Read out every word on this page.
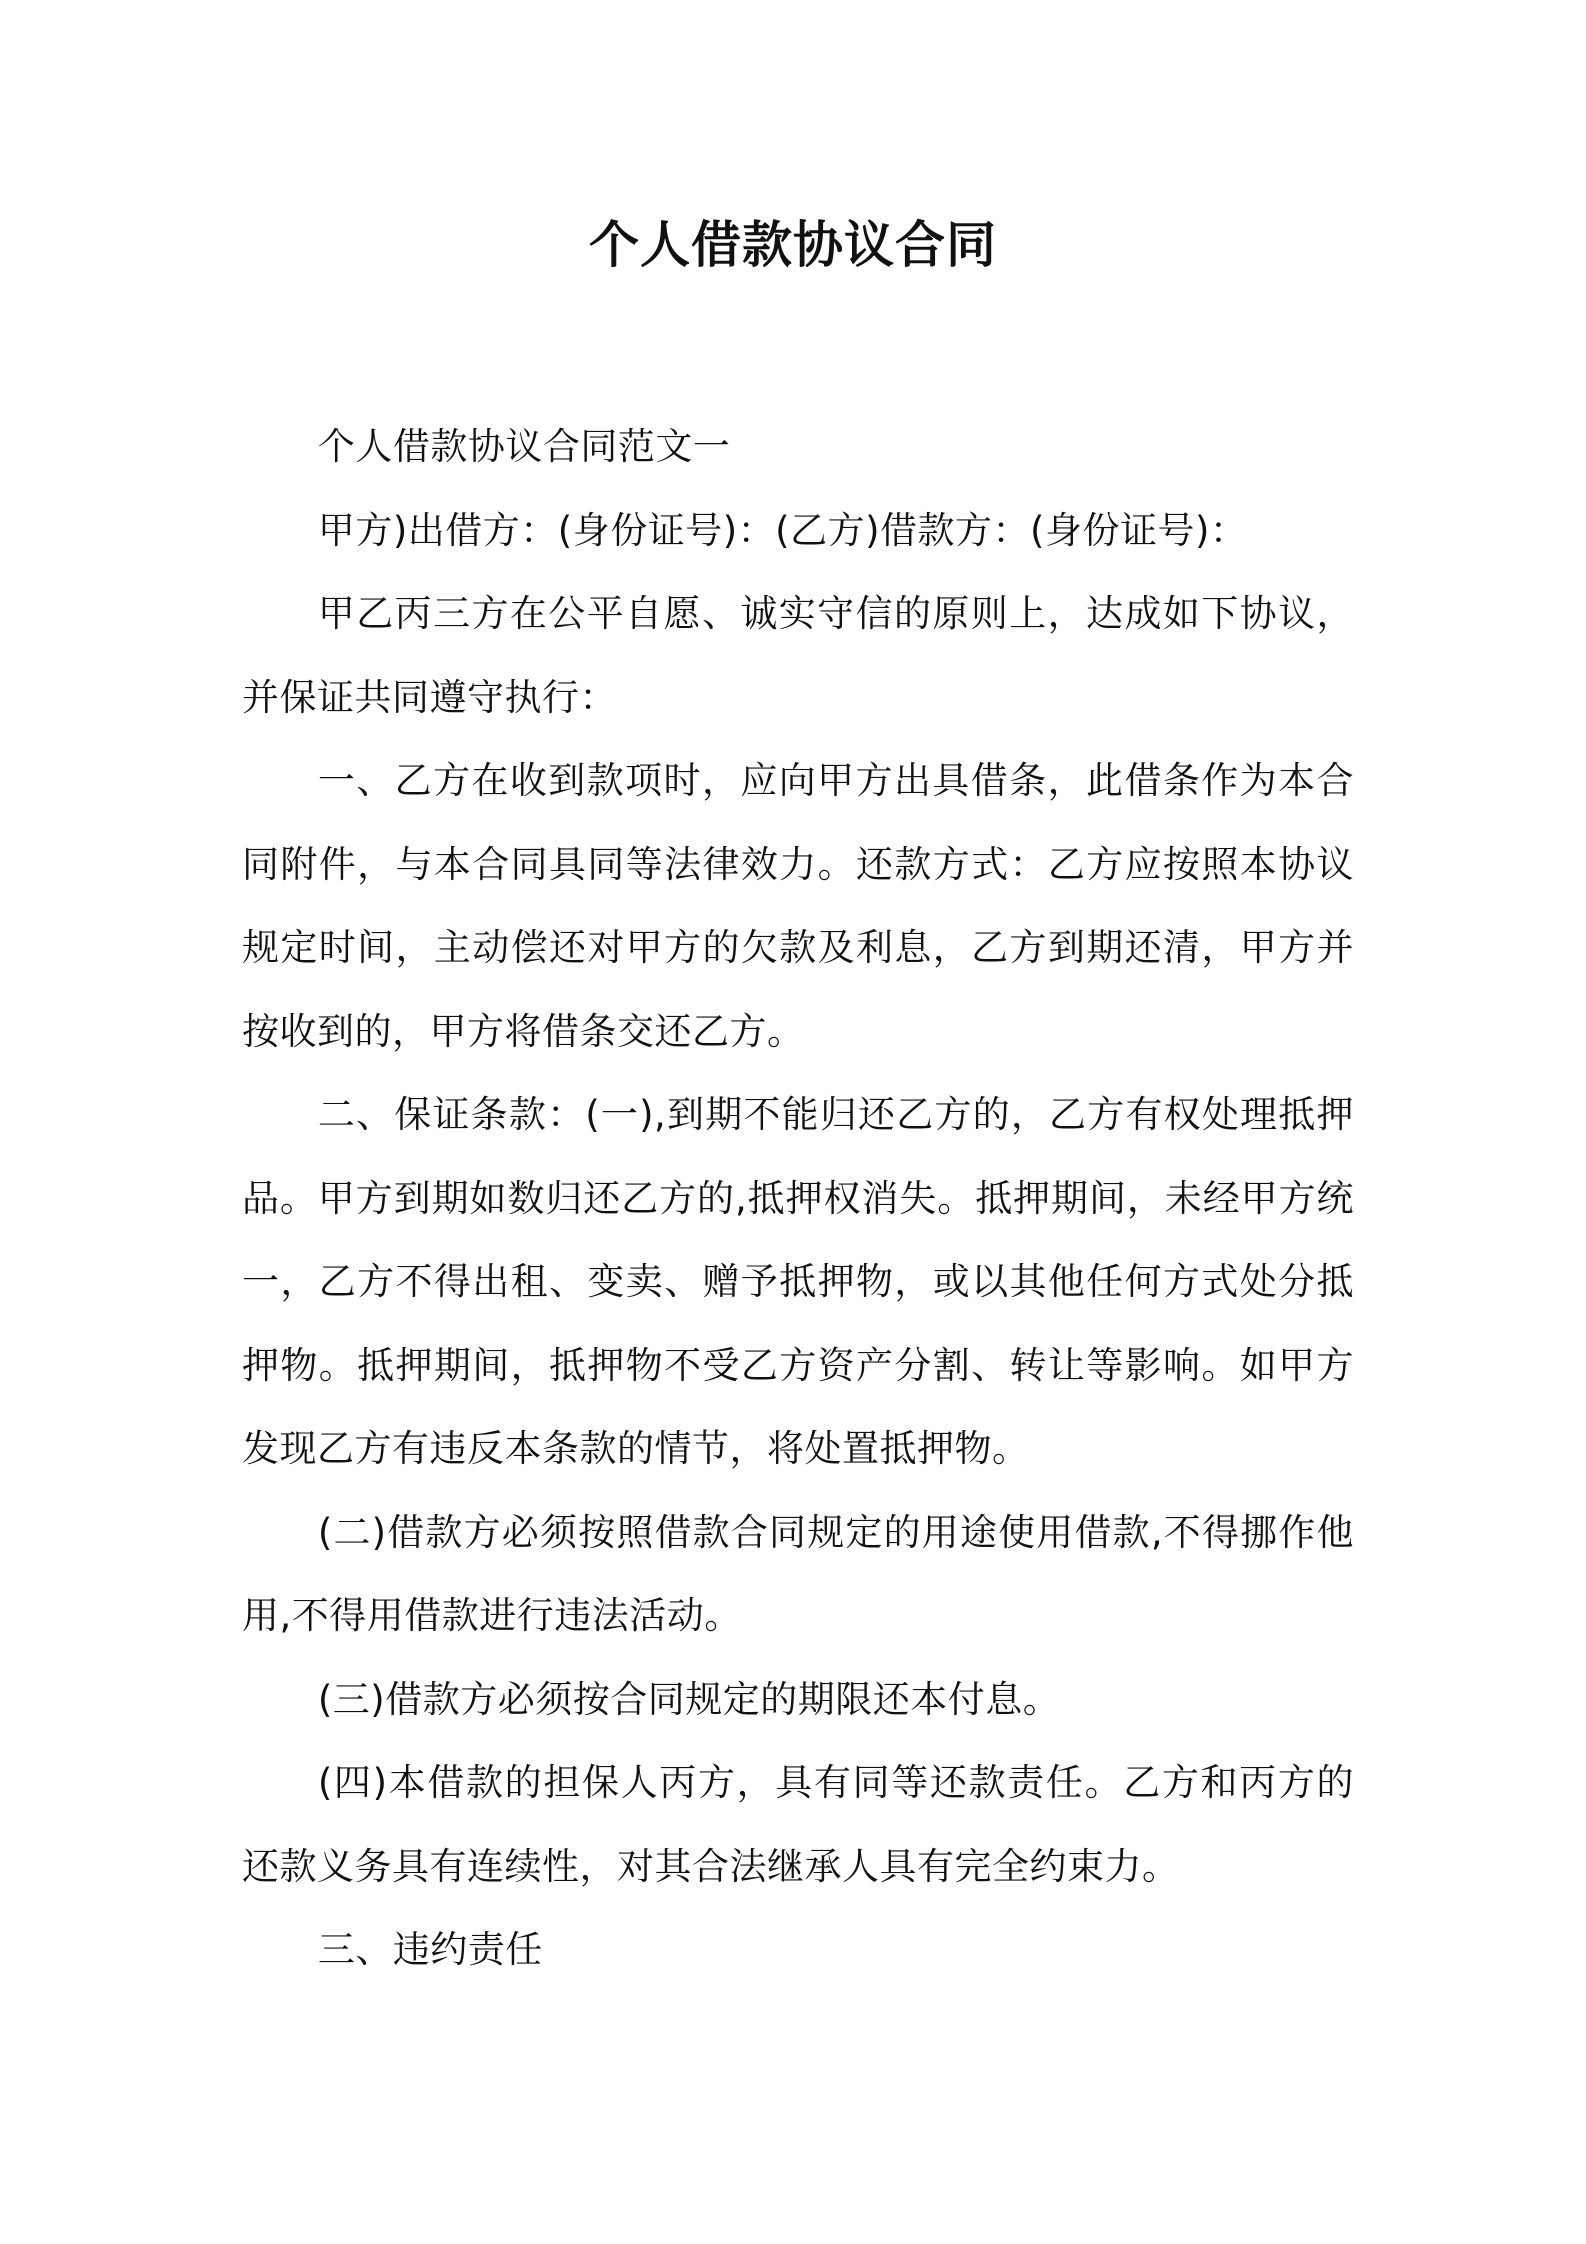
个人借款协议合同

个人借款协议合同范文一

甲方)出借方：(身份证号)：(乙方)借款方：(身份证号)：

甲乙丙三方在公平自愿、诚实守信的原则上，达成如下协议，并保证共同遵守执行：

一、乙方在收到款项时，应向甲方出具借条，此借条作为本合同附件，与本合同具同等法律效力。还款方式：乙方应按照本协议规定时间，主动偿还对甲方的欠款及利息，乙方到期还清，甲方并按收到的，甲方将借条交还乙方。

二、保证条款：(一),到期不能归还乙方的，乙方有权处理抵押品。甲方到期如数归还乙方的,抵押权消失。抵押期间，未经甲方统一，乙方不得出租、变卖、赠予抵押物，或以其他任何方式处分抵押物。抵押期间，抵押物不受乙方资产分割、转让等影响。如甲方发现乙方有违反本条款的情节，将处置抵押物。

(二)借款方必须按照借款合同规定的用途使用借款,不得挪作他用,不得用借款进行违法活动。

(三)借款方必须按合同规定的期限还本付息。

(四)本借款的担保人丙方，具有同等还款责任。乙方和丙方的还款义务具有连续性，对其合法继承人具有完全约束力。

三、违约责任
